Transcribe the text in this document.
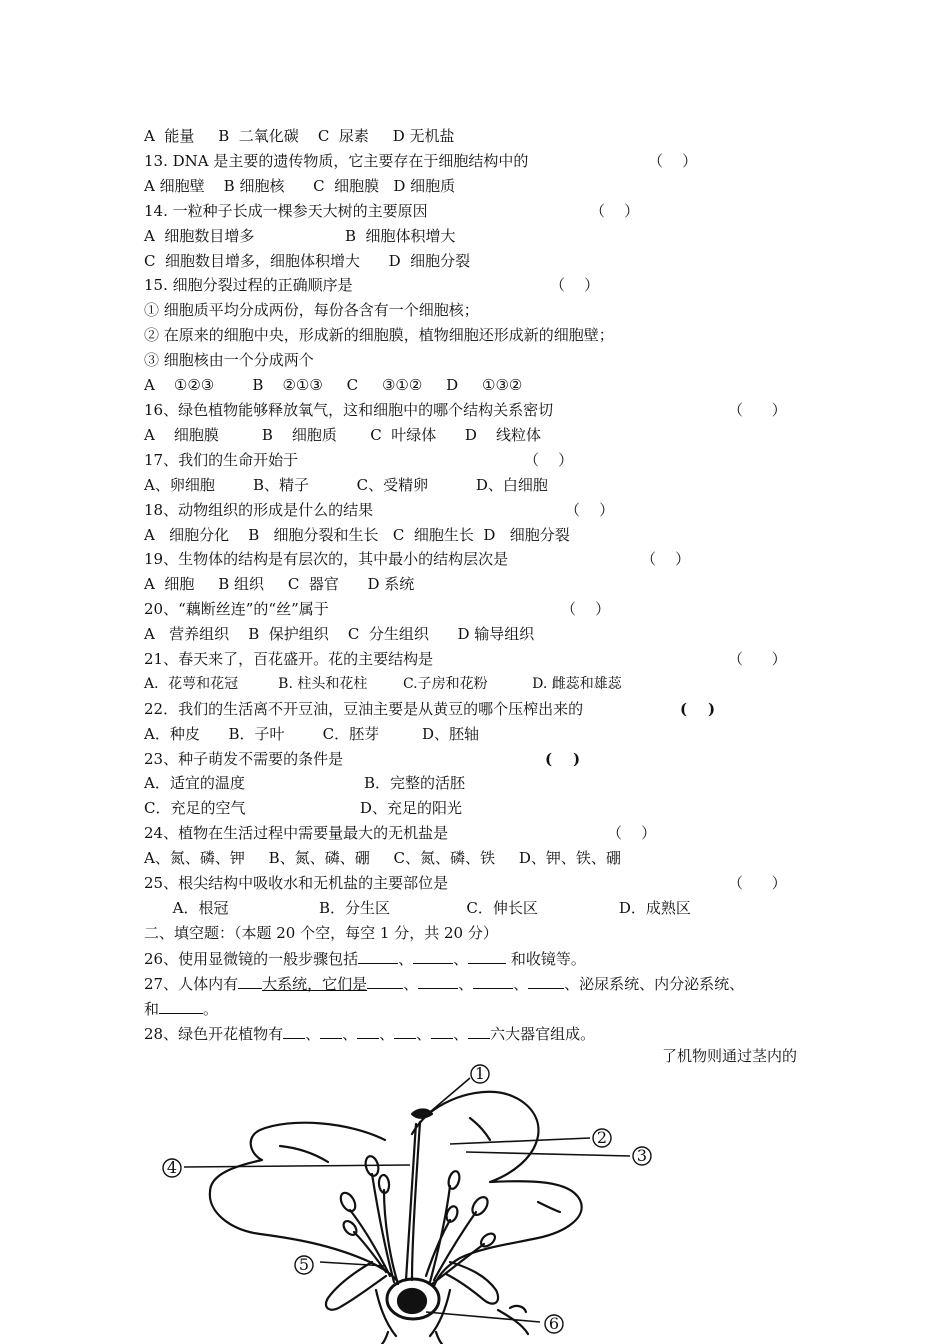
A  能量     B  二氧化碳    C  尿素     D 无机盐
13. DNA 是主要的遗传物质，它主要存在于细胞结构中的	（    ）
A 细胞壁    B 细胞核      C  细胞膜   D 细胞质
14. 一粒种子长成一棵参天大树的主要原因	（    ）
A  细胞数目增多                   B  细胞体积增大
C  细胞数目增多，细胞体积增大      D  细胞分裂
15. 细胞分裂过程的正确顺序是	（    ）
① 细胞质平均分成两份，每份各含有一个细胞核；
② 在原来的细胞中央，形成新的细胞膜，植物细胞还形成新的细胞壁；
③ 细胞核由一个分成两个
A    ①②③        B    ②①③     C     ③①②     D     ①③②
16、绿色植物能够释放氧气，这和细胞中的哪个结构关系密切	（      ）
A    细胞膜         B    细胞质       C  叶绿体      D    线粒体
17、我们的生命开始于	（    ）
A、卵细胞        B、精子          C、受精卵          D、白细胞
18、动物组织的形成是什么的结果	（    ）
A   细胞分化    B   细胞分裂和生长   C  细胞生长  D   细胞分裂
19、生物体的结构是有层次的，其中最小的结构层次是	（    ）
A  细胞     B 组织     C  器官      D 系统
20、“藕断丝连”的“丝”属于	（    ）
A   营养组织    B  保护组织    C  分生组织      D 输导组织
21、春天来了，百花盛开。花的主要结构是	（      ）
A．花萼和花冠         B. 柱头和花柱        C.子房和花粉          D. 雌蕊和雄蕊
22．我们的生活离不开豆油，豆油主要是从黄豆的哪个压榨出来的	(    )
A．种皮      B．子叶        C．胚芽         D、胚轴
23、种子萌发不需要的条件是	(    )
A．适宜的温度                         B．完整的活胚
C．充足的空气                        D、充足的阳光
24、植物在生活过程中需要量最大的无机盐是	（    ）
A、氮、磷、钾     B、氮、磷、硼     C、氮、磷、铁     D、钾、铁、硼
25、根尖结构中吸收水和无机盐的主要部位是	（      ）
A．根冠                   B．分生区                C．伸长区                 D．成熟区
二、填空题：（本题 20 个空，每空 1 分，共 20 分）
26、使用显微镜的一般步骤包括	、	、	和收镜等。
27、人体内有 大系统，它们是 、	、	、 、泌尿系统、内分泌系统、
和	。
28、绿色开花植物有 、 、 、 、 、 六大器官组成。
了机物则通过茎内的
1
2
3
4
5
6
